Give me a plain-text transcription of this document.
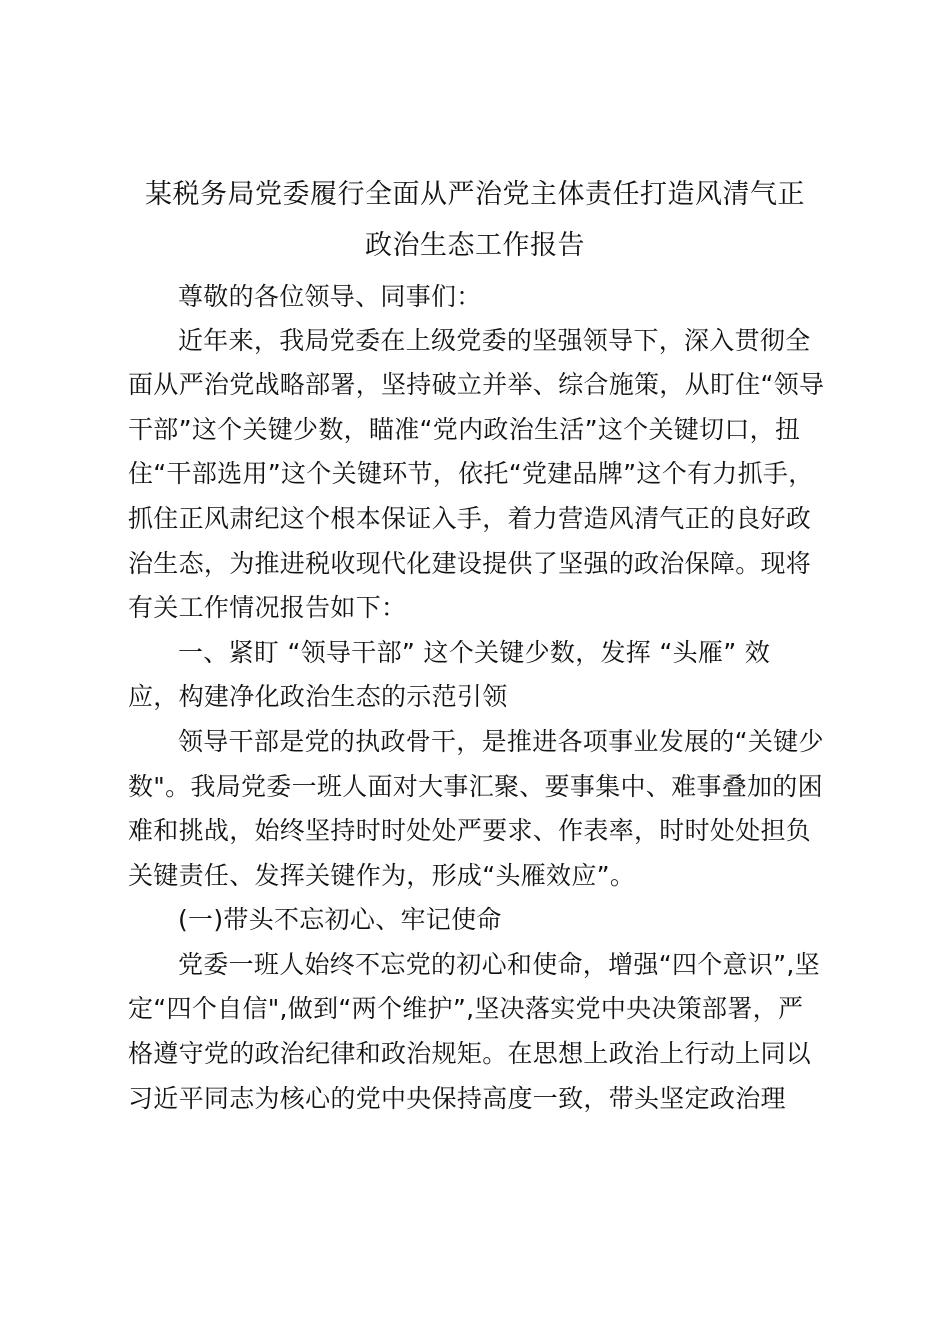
某税务局党委履行全面从严治党主体责任打造风清气正
政治生态工作报告
尊敬的各位领导、同事们：
近年来，我局党委在上级党委的坚强领导下，深入贯彻全
面从严治党战略部署，坚持破立并举、综合施策，从盯住“领导
干部”这个关键少数，瞄准“党内政治生活”这个关键切口，扭
住“干部选用”这个关键环节，依托“党建品牌”这个有力抓手，
抓住正风肃纪这个根本保证入手，着力营造风清气正的良好政
治生态，为推进税收现代化建设提供了坚强的政治保障。现将
有关工作情况报告如下：
一、紧盯 “领导干部” 这个关键少数，发挥 “头雁” 效
应，构建净化政治生态的示范引领
领导干部是党的执政骨干，是推进各项事业发展的“关键少
数"。我局党委一班人面对大事汇聚、要事集中、难事叠加的困
难和挑战，始终坚持时时处处严要求、作表率，时时处处担负
关键责任、发挥关键作为，形成“头雁效应”。
(一)带头不忘初心、牢记使命
党委一班人始终不忘党的初心和使命，增强“四个意识”,坚
定“四个自信",做到“两个维护”,坚决落实党中央决策部署，严
格遵守党的政治纪律和政治规矩。在思想上政治上行动上同以
习近平同志为核心的党中央保持高度一致，带头坚定政治理
